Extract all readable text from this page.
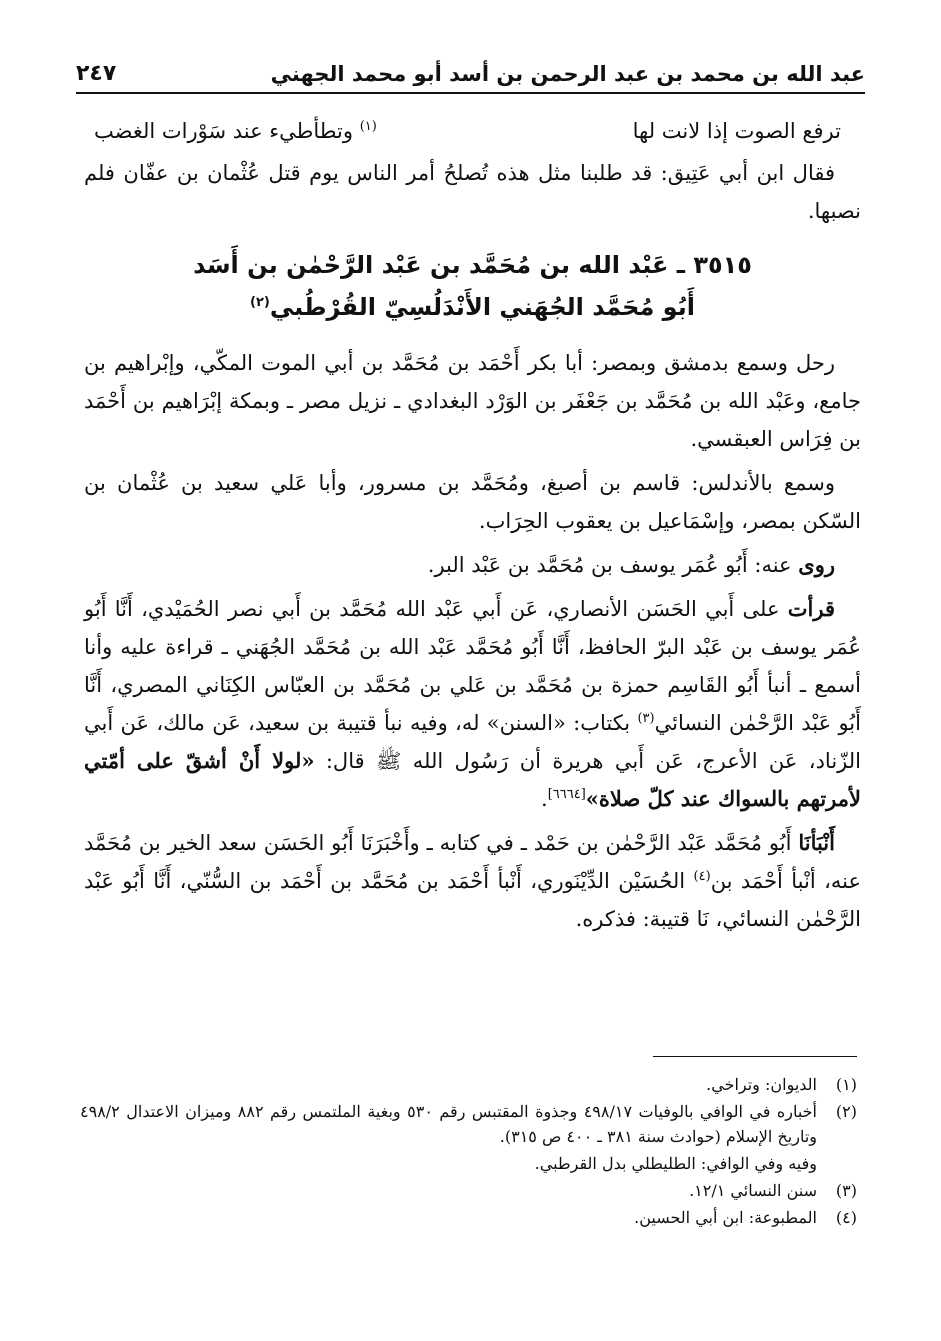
عبد الله بن محمد بن عبد الرحمن بن أسد أبو محمد الجهني
٢٤٧
ترفع الصوت إذا لانت لها
$^{(١)}$ وتطأطيء عند سَوْرات الغضب

فقال ابن أبي عَتِيق: قد طلبنا مثل هذه تُصلحُ أمر الناس يوم قتل عُثْمان بن عفّان فلم نصبها.

٣٥١٥ ـ عَبْد الله بن مُحَمَّد بن عَبْد الرَّحْمٰن بن أَسَد
أَبُو مُحَمَّد الجُهَني الأَنْدَلُسِيّ القُرْطُبي$^{(٢)}$

رحل وسمع بدمشق وبمصر: أبا بكر أَحْمَد بن مُحَمَّد بن أبي الموت المكّي، وإبْراهيم بن جامع، وعَبْد الله بن مُحَمَّد بن جَعْفَر بن الوَرْد البغدادي ـ نزيل مصر ـ وبمكة إبْرَاهيم بن أَحْمَد بن فِرَاس العبقسي.

وسمع بالأندلس: قاسم بن أصبغ، ومُحَمَّد بن مسرور، وأبا عَلي سعيد بن عُثْمان بن السّكن بمصر، وإسْمَاعيل بن يعقوب الحِرَاب.

روى عنه: أَبُو عُمَر يوسف بن مُحَمَّد بن عَبْد البر.

قرأت على أَبي الحَسَن الأنصاري، عَن أَبي عَبْد الله مُحَمَّد بن أَبي نصر الحُمَيْدي، أَنَّا أَبُو عُمَر يوسف بن عَبْد البرّ الحافظ، أَنَّا أَبُو مُحَمَّد عَبْد الله بن مُحَمَّد الجُهَني ـ قراءة عليه وأنا أسمع ـ أنبأ أَبُو القَاسِم حمزة بن مُحَمَّد بن عَلي بن مُحَمَّد بن العبّاس الكِنَاني المصري، أَنَّا أَبُو عَبْد الرَّحْمٰن النسائي$^{(٣)}$ بكتاب: «السنن» له، وفيه نبأ قتيبة بن سعيد، عَن مالك، عَن أَبي الزّناد، عَن الأعرج، عَن أَبي هريرة أن رَسُول الله ﷺ قال: «لولا أَنْ أشقّ على أمّتي لأمرتهم بالسواك عند كلّ صلاة»[٦٦٦٤].

أَنْبَأنَا أَبُو مُحَمَّد عَبْد الرَّحْمٰن بن حَمْد ـ في كتابه ـ وأَخْبَرَنَا أَبُو الحَسَن سعد الخير بن مُحَمَّد عنه، أنْبأ أَحْمَد بن$^{(٤)}$ الحُسَيْن الدِّيْنَوري، أَنْبأ أَحْمَد بن مُحَمَّد بن أَحْمَد بن السُّنّي، أَنَّا أَبُو عَبْد الرَّحْمٰن النسائي، نَا قتيبة: فذكره.

(١)
الديوان: وتراخي.
(٢)
أخباره في الوافي بالوفيات ٤٩٨/١٧ وجذوة المقتبس رقم ٥٣٠ وبغية الملتمس رقم ٨٨٢ وميزان الاعتدال ٤٩٨/٢ وتاريخ الإسلام (حوادث سنة ٣٨١ ـ ٤٠٠ ص ٣١٥).
وفيه وفي الوافي: الطليطلي بدل القرطبي.
(٣)
سنن النسائي ١٢/١.
(٤)
المطبوعة: ابن أبي الحسين.
